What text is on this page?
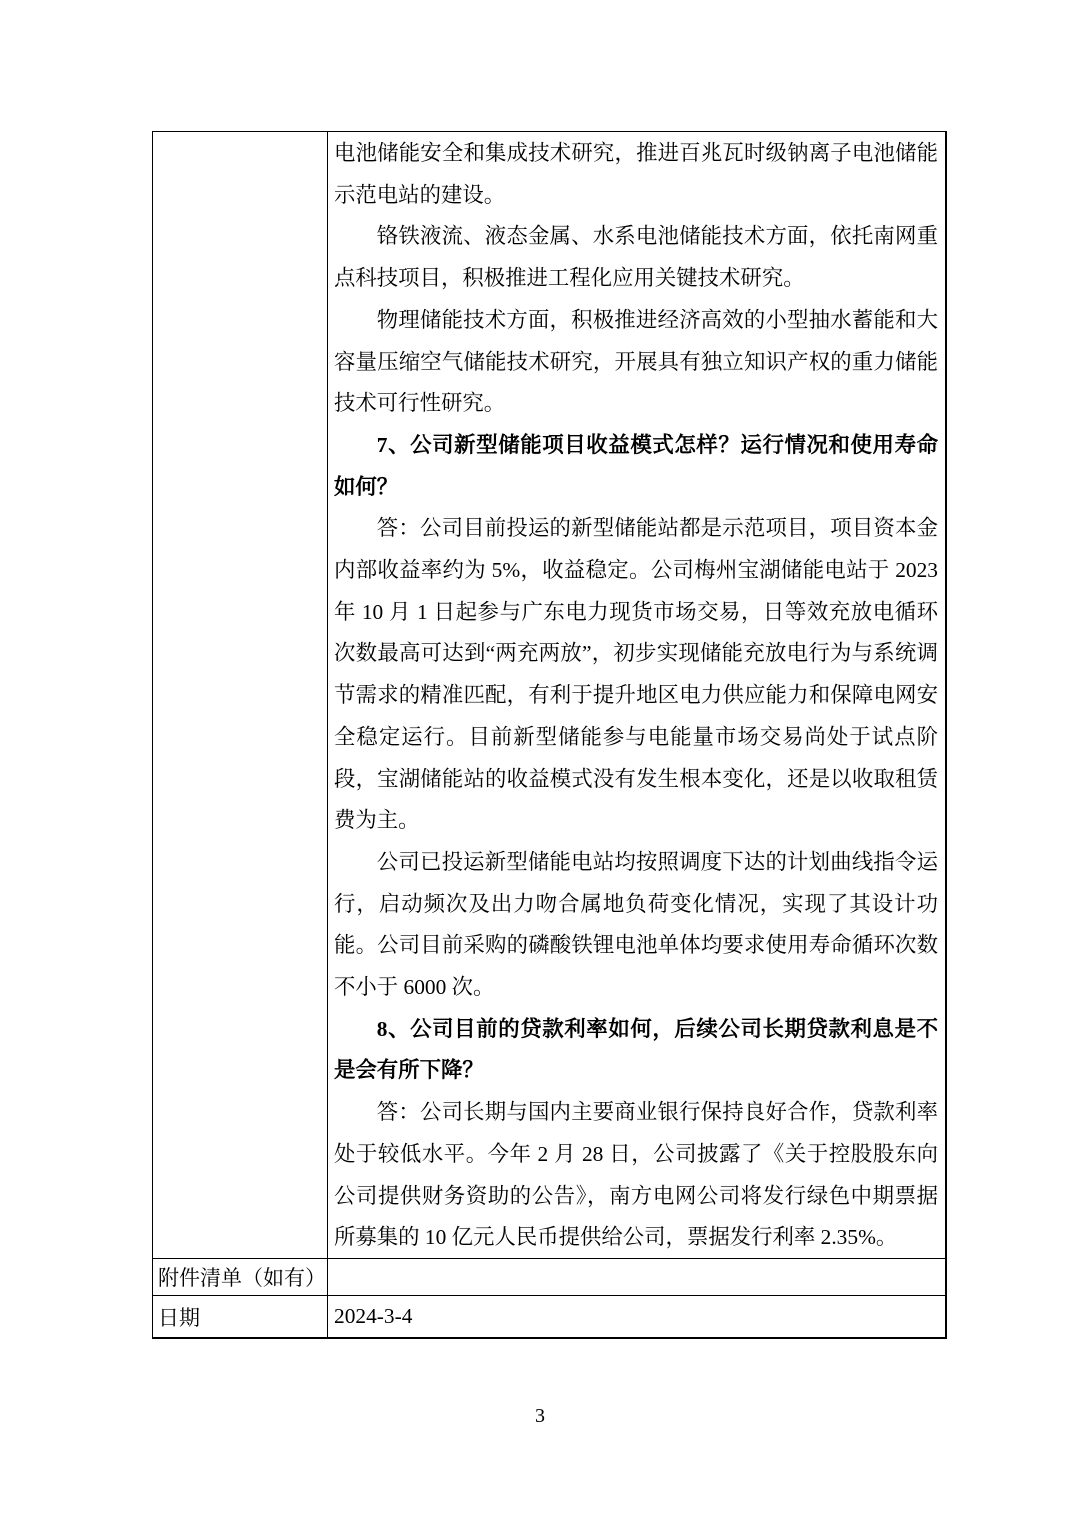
电池储能安全和集成技术研究，推进百兆瓦时级钠离子电池储能示范电站的建设。

铬铁液流、液态金属、水系电池储能技术方面，依托南网重点科技项目，积极推进工程化应用关键技术研究。

物理储能技术方面，积极推进经济高效的小型抽水蓄能和大容量压缩空气储能技术研究，开展具有独立知识产权的重力储能技术可行性研究。

7、公司新型储能项目收益模式怎样？运行情况和使用寿命如何？

答：公司目前投运的新型储能站都是示范项目，项目资本金内部收益率约为 5%，收益稳定。公司梅州宝湖储能电站于 2023 年 10 月 1 日起参与广东电力现货市场交易，日等效充放电循环次数最高可达到“两充两放”，初步实现储能充放电行为与系统调节需求的精准匹配，有利于提升地区电力供应能力和保障电网安全稳定运行。目前新型储能参与电能量市场交易尚处于试点阶段，宝湖储能站的收益模式没有发生根本变化，还是以收取租赁费为主。

公司已投运新型储能电站均按照调度下达的计划曲线指令运行，启动频次及出力吻合属地负荷变化情况，实现了其设计功能。公司目前采购的磷酸铁锂电池单体均要求使用寿命循环次数不小于 6000 次。

8、公司目前的贷款利率如何，后续公司长期贷款利息是不是会有所下降？

答：公司长期与国内主要商业银行保持良好合作，贷款利率处于较低水平。今年 2 月 28 日，公司披露了《关于控股股东向公司提供财务资助的公告》，南方电网公司将发行绿色中期票据所募集的 10 亿元人民币提供给公司，票据发行利率 2.35%。

附件清单（如有）
日期	2024-3-4
3
